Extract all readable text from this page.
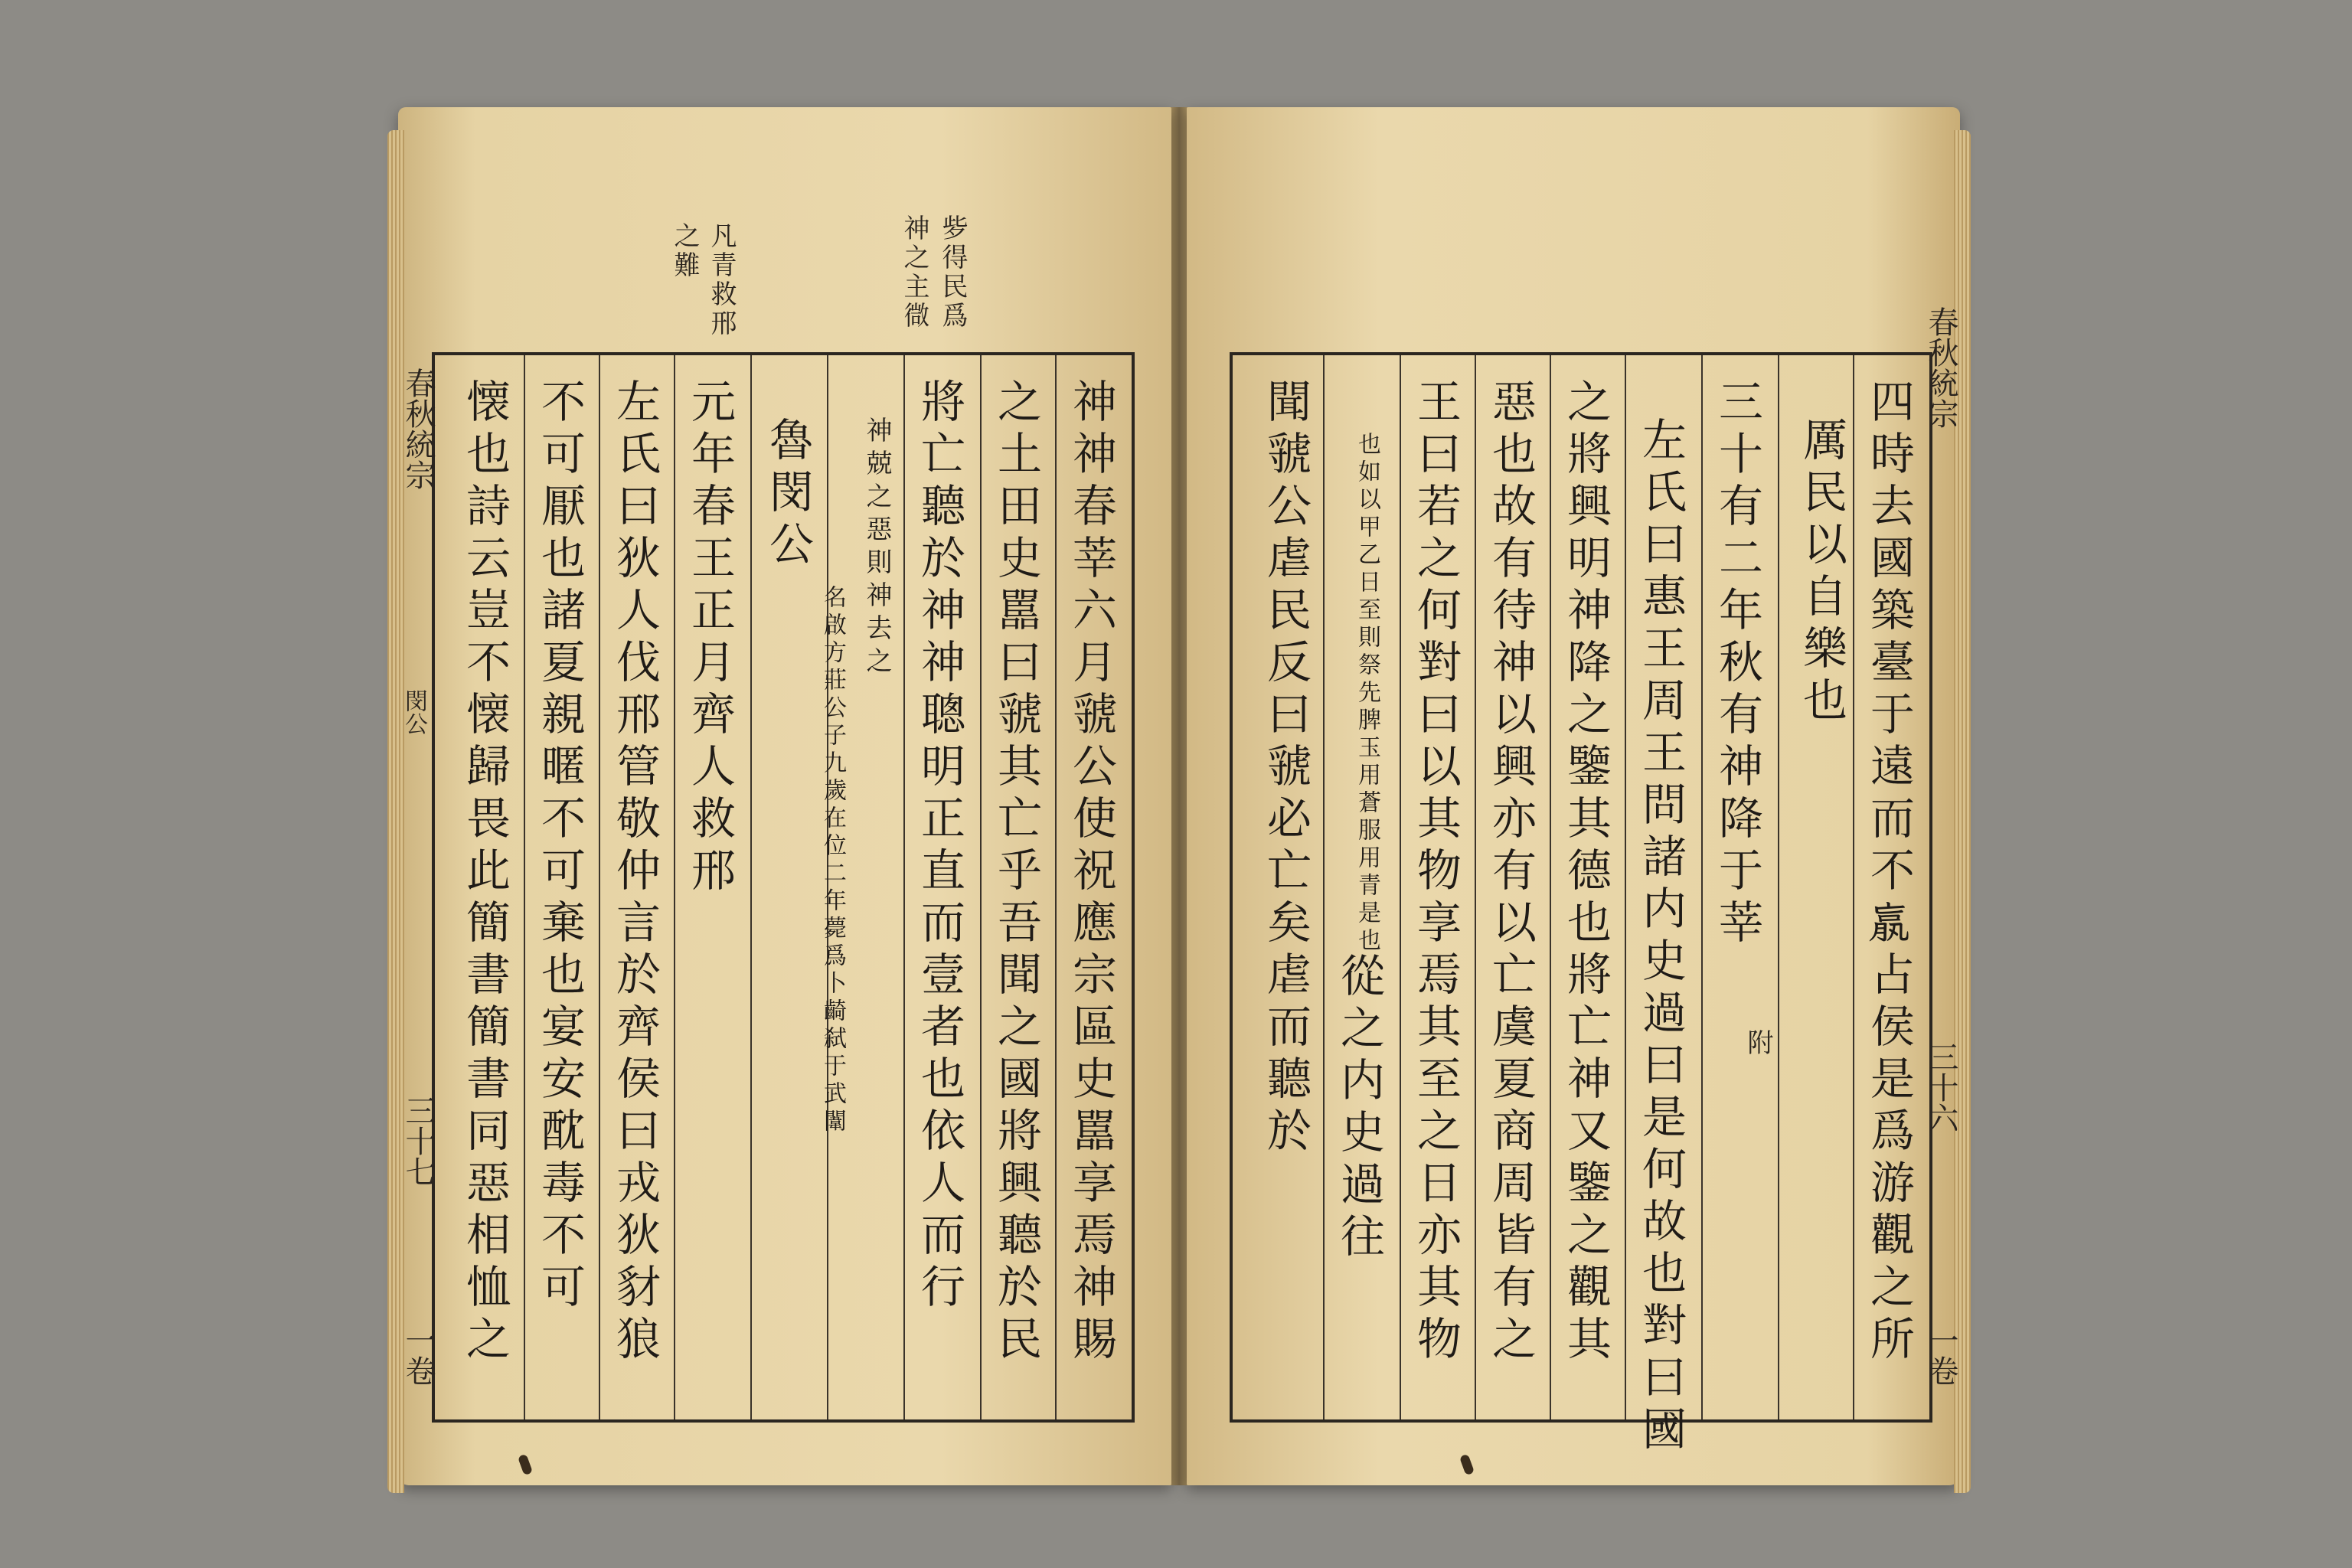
㱔得民爲
神之主㣲
凡青救邢
之難
神神春莘六月虢公使祝應宗區史嚚享焉神賜
之土田史嚚曰虢其亡乎吾聞之國將興聽於民
將亡聽於神神聰明正直而壹者也依人而行
神兢之惡則神去之
魯閔公
名啟方莊公子九歲在位二年薨爲卜齮弑于武闈
元年春王正月齊人救邢
左氏曰狄人伐邢管敬仲言於齊侯曰戎狄豺狼
不可厭也諸夏親暱不可棄也宴安酖毒不可
懐也詩云豈不懐歸畏此簡書簡書同惡相恤之
春秋統宗
閔公
三十七
一卷	四時去國築臺于遠而不𦝠占侯是爲游觀之所
厲民以自樂也
三十有二年秋有神降于莘
附
左氏曰惠王周王問諸内史過曰是何故也對曰國
之將興明神降之鑒其德也將亡神又鑒之觀其
惡也故有待神以興亦有以亡虞夏商周皆有之
王曰若之何對曰以其物享焉其至之日亦其物
也如以甲乙日至則祭先脾玉用蒼服用青是也
從之内史過往
聞虢公虐民反曰虢必亡矣虐而聽於
春秋統宗
三十六
一卷
